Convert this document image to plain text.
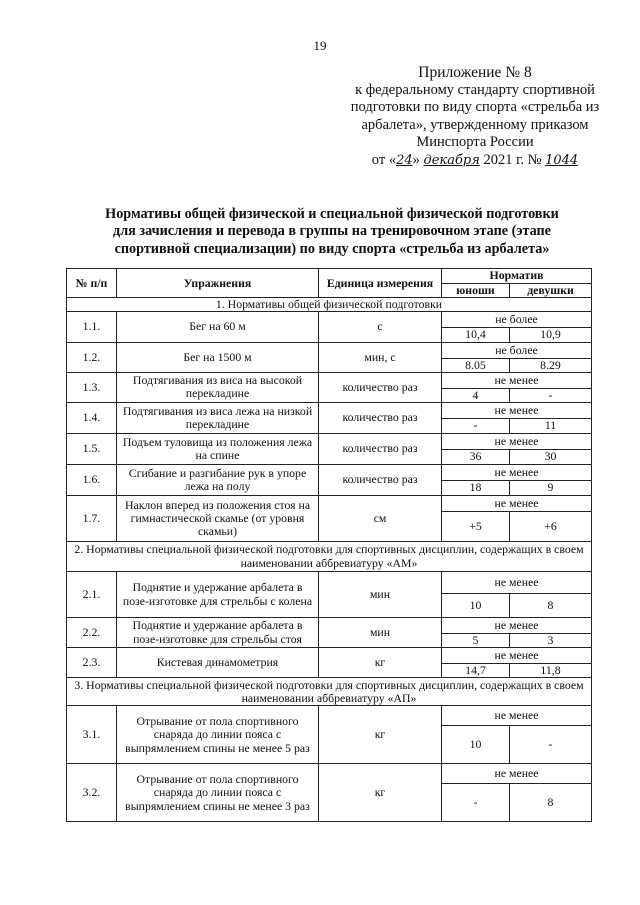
19
Приложение № 8
к федеральному стандарту спортивной
подготовки по виду спорта «стрельба из
арбалета», утвержденному приказом
Минспорта России
от «24» декабря 2021 г. № 1044
Нормативы общей физической и специальной физической подготовки
для зачисления и перевода в группы на тренировочном этапе (этапе
спортивной специализации) по виду спорта «стрельба из арбалета»
№ п/п	Упражнения	Единица измерения	Норматив	
			юноши	девушки
1. Нормативы общей физической подготовки				
1.1.	Бег на 60 м	с	не более	
			10,4	10,9
1.2.	Бег на 1500 м	мин, с	не более	
			8.05	8.29
1.3.	Подтягивания из виса на высокой перекладине	количество раз	не менее	
			4	-
1.4.	Подтягивания из виса лежа на низкой перекладине	количество раз	не менее	
			-	11
1.5.	Подъем туловища из положения лежа на спине	количество раз	не менее	
			36	30
1.6.	Сгибание и разгибание рук в упоре лежа на полу	количество раз	не менее	
			18	9
1.7.	Наклон вперед из положения стоя на гимнастической скамье (от уровня скамьи)	см	не менее	
			+5	+6
2. Нормативы специальной физической подготовки для спортивных дисциплин, содержащих в своем наименовании аббревиатуру «АМ»				
2.1.	Поднятие и удержание арбалета в позе-изготовке для стрельбы с колена	мин	не менее	
			10	8
2.2.	Поднятие и удержание арбалета в позе-изготовке для стрельбы стоя	мин	не менее	
			5	3
2.3.	Кистевая динамометрия	кг	не менее	
			14,7	11,8
3. Нормативы специальной физической подготовки для спортивных дисциплин, содержащих в своем наименовании аббревиатуру «АП»				
3.1.	Отрывание от пола спортивного снаряда до линии пояса с выпрямлением спины не менее 5 раз	кг	не менее	
			10	-
3.2.	Отрывание от пола спортивного снаряда до линии пояса с выпрямлением спины не менее 3 раз	кг	не менее	
			-	8
